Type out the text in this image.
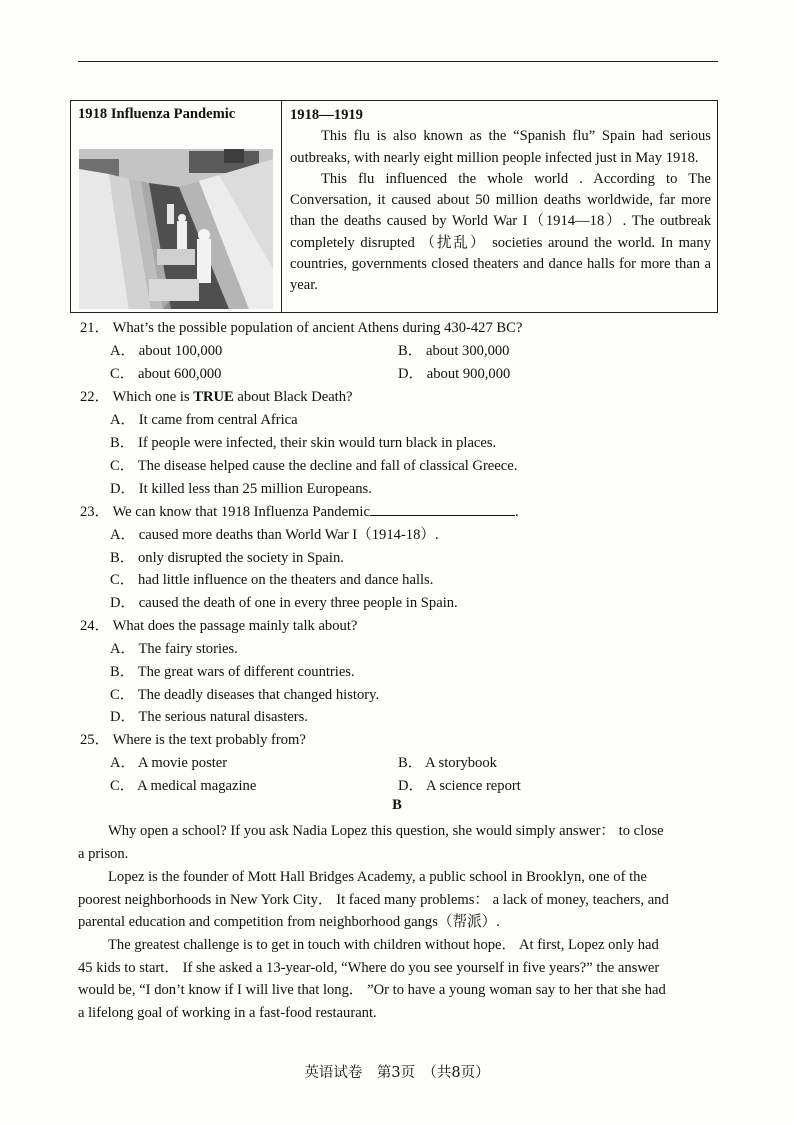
1918 Influenza Pandemic	1918—1919

This flu is also known as the “Spanish flu” Spain had serious outbreaks, with nearly eight million people infected just in May 1918.

This flu influenced the whole world . According to The Conversation, it caused about 50 million deaths worldwide, far more than the deaths caused by World War I（1914—18）. The outbreak completely disrupted （扰乱） societies around the world. In many countries, governments closed theaters and dance halls for more than a year.

21． What’s the possible population of ancient Athens during 430-427 BC?
A． about 100,000	B． about 300,000
C． about 600,000	D． about 900,000
22． Which one is TRUE about Black Death?
A． It came from central Africa
B． If people were infected, their skin would turn black in places.
C． The disease helped cause the decline and fall of classical Greece.
D． It killed less than 25 million Europeans.
23． We can know that 1918 Influenza Pandemic	.
A． caused more deaths than World War I（1914-18）.
B． only disrupted the society in Spain.
C． had little influence on the theaters and dance halls.
D． caused the death of one in every three people in Spain.
24． What does the passage mainly talk about?
A． The fairy stories.
B． The great wars of different countries.
C． The deadly diseases that changed history.
D． The serious natural disasters.
25． Where is the text probably from?
A． A movie poster	B． A storybook
C． A medical magazine	D． A science report
B
Why open a school? If you ask Nadia Lopez this question, she would simply answer： to close
a prison.
Lopez is the founder of Mott Hall Bridges Academy, a public school in Brooklyn, one of the
poorest neighborhoods in New York City． It faced many problems： a lack of money, teachers, and
parental education and competition from neighborhood gangs（帮派）.
The greatest challenge is to get in touch with children without hope． At first, Lopez only had
45 kids to start． If she asked a 13-year-old, “Where do you see yourself in five years?” the answer
would be, “I don’t know if I will live that long． ”Or to have a young woman say to her that she had
a lifelong goal of working in a fast-food restaurant.
英语试卷　第3页　（共8页）
